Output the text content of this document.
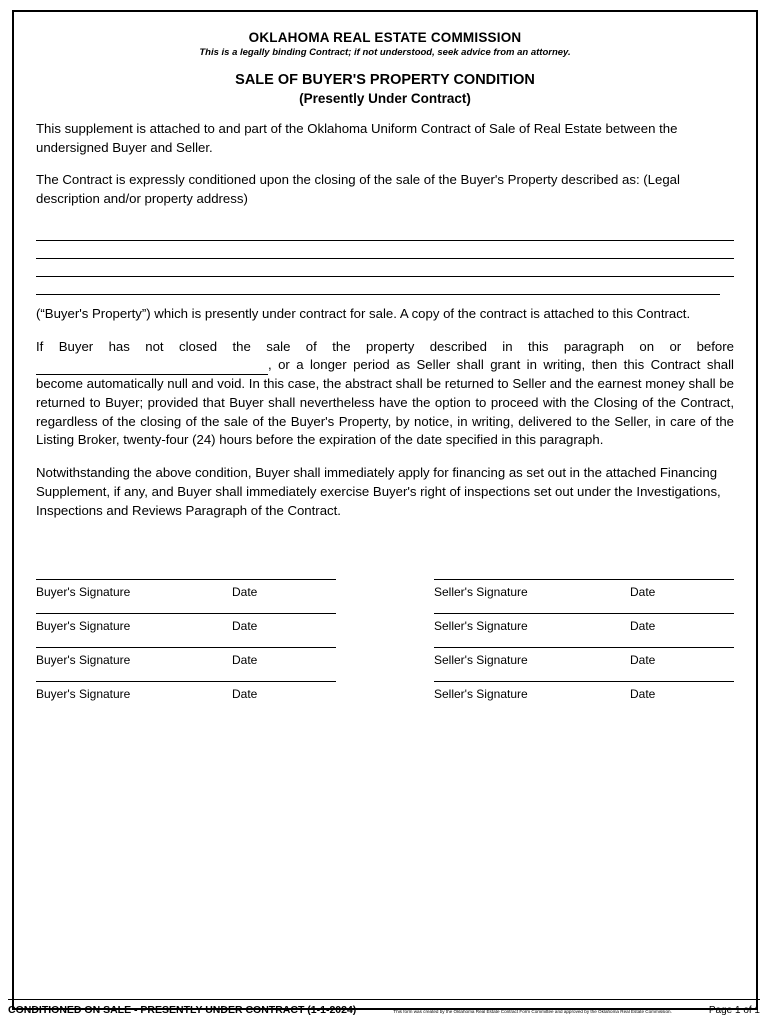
OKLAHOMA REAL ESTATE COMMISSION
This is a legally binding Contract; if not understood, seek advice from an attorney.
SALE OF BUYER'S PROPERTY CONDITION
(Presently Under Contract)

This supplement is attached to and part of the Oklahoma Uniform Contract of Sale of Real Estate between the undersigned Buyer and Seller.

The Contract is expressly conditioned upon the closing of the sale of the Buyer's Property described as: (Legal description and/or property address)

(“Buyer's Property”) which is presently under contract for sale. A copy of the contract is attached to this Contract.

If Buyer has not closed the sale of the property described in this paragraph on or before , or a longer period as Seller shall grant in writing, then this Contract shall become automatically null and void. In this case, the abstract shall be returned to Seller and the earnest money shall be returned to Buyer; provided that Buyer shall nevertheless have the option to proceed with the Closing of the Contract, regardless of the closing of the sale of the Buyer's Property, by notice, in writing, delivered to the Seller, in care of the Listing Broker, twenty-four (24) hours before the expiration of the date specified in this paragraph.

Notwithstanding the above condition, Buyer shall immediately apply for financing as set out in the attached Financing Supplement, if any, and Buyer shall immediately exercise Buyer's right of inspections set out under the Investigations, Inspections and Reviews Paragraph of the Contract.

Buyer's Signature	Date	Seller's Signature	Date
Buyer's Signature	Date	Seller's Signature	Date
Buyer's Signature	Date	Seller's Signature	Date
Buyer's Signature	Date	Seller's Signature	Date
CONDITIONED ON SALE - PRESENTLY UNDER CONTRACT (1-1-2024)	This form was created by the Oklahoma Real Estate Contract Form Committee and approved by the Oklahoma Real Estate Commission.	Page 1 of 1
